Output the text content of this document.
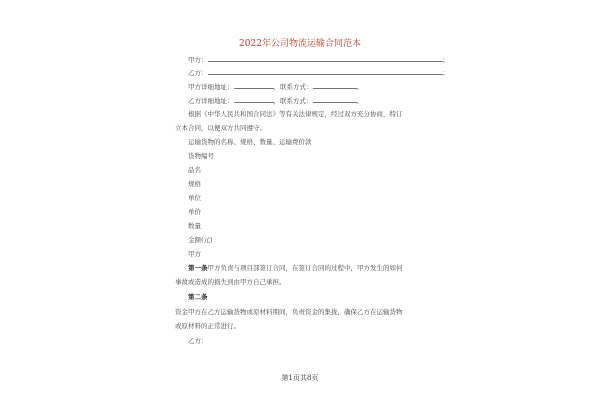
2022年公司物流运输合同范本
甲方：	；
乙方：	；
甲方详细地址：	，联系方式：	。
乙方详细地址：	，联系方式：	。
根据《中华人民共和国合同法》等有关法律规定，经过双方充分协商，特订
立本合同，以便双方共同遵守。
运输货物的名称、规格、数量、运输费价款
货物编号
品名
规格
单位
单价
数量
金额(元)
甲方
第一条甲方负责与项目部签订合同，在签订合同的过程中，甲方发生的如何
事故或造成的损失到由甲方自己承担。
第二条
资金甲方在乙方运输货物或原材料期间，负责资金的集拢，确保乙方在运输货物
或原材料的正常进行。
乙方：
第1页共8页
